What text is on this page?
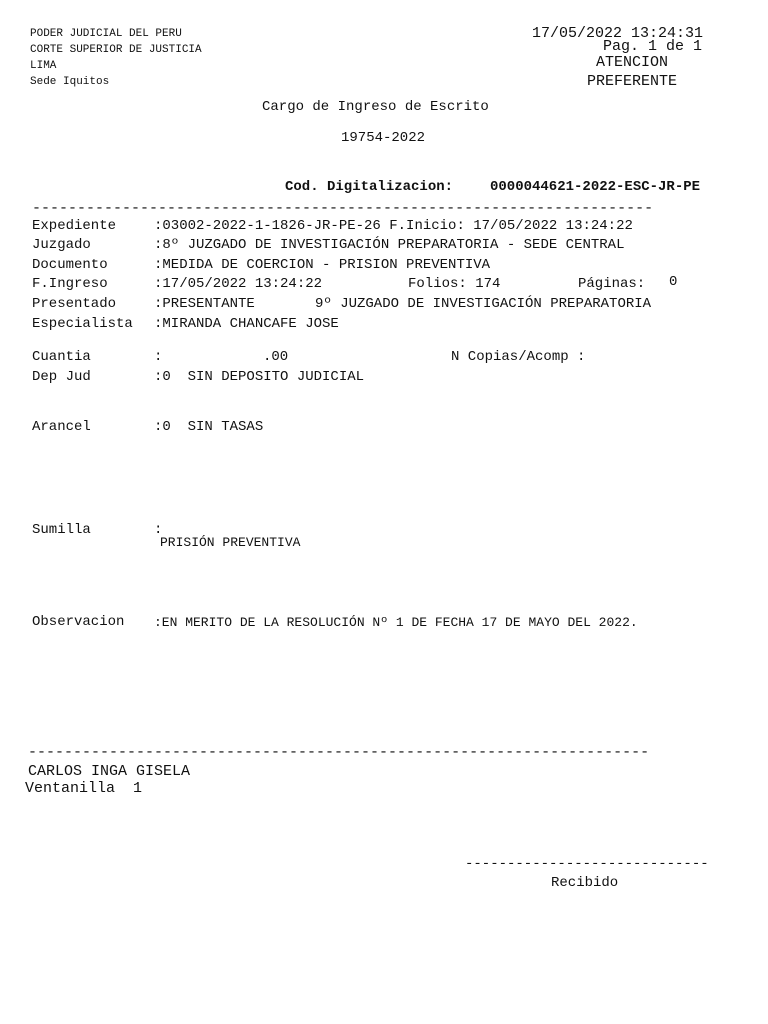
PODER JUDICIAL DEL PERU
CORTE SUPERIOR DE JUSTICIA
LIMA
Sede Iquitos
17/05/2022 13:24:31
Pag. 1 de 1
ATENCION
PREFERENTE
Cargo de Ingreso de Escrito
19754-2022
Cod. Digitalizacion:	0000044621-2022-ESC-JR-PE
---------------------------------------------------------------------
Expediente	:03002-2022-1-1826-JR-PE-26 F.Inicio: 17/05/2022 13:24:22
Juzgado	:8º JUZGADO DE INVESTIGACIÓN PREPARATORIA - SEDE CENTRAL
Documento	:MEDIDA DE COERCION - PRISION PREVENTIVA
F.Ingreso	:17/05/2022 13:24:22	Folios: 174	Páginas: 0
Presentado	:PRESENTANTE	9º JUZGADO DE INVESTIGACIÓN PREPARATORIA
Especialista :MIRANDA CHANCAFE JOSE
Cuantia	:	.00	N Copias/Acomp :
Dep Jud	:0  SIN DEPOSITO JUDICIAL
Arancel	:0  SIN TASAS
Sumilla	:
PRISIÓN PREVENTIVA
Observacion :EN MERITO DE LA RESOLUCIÓN Nº 1 DE FECHA 17 DE MAYO DEL 2022.
---------------------------------------------------------------------
CARLOS INGA GISELA
Ventanilla  1
-----------------------------
Recibido
